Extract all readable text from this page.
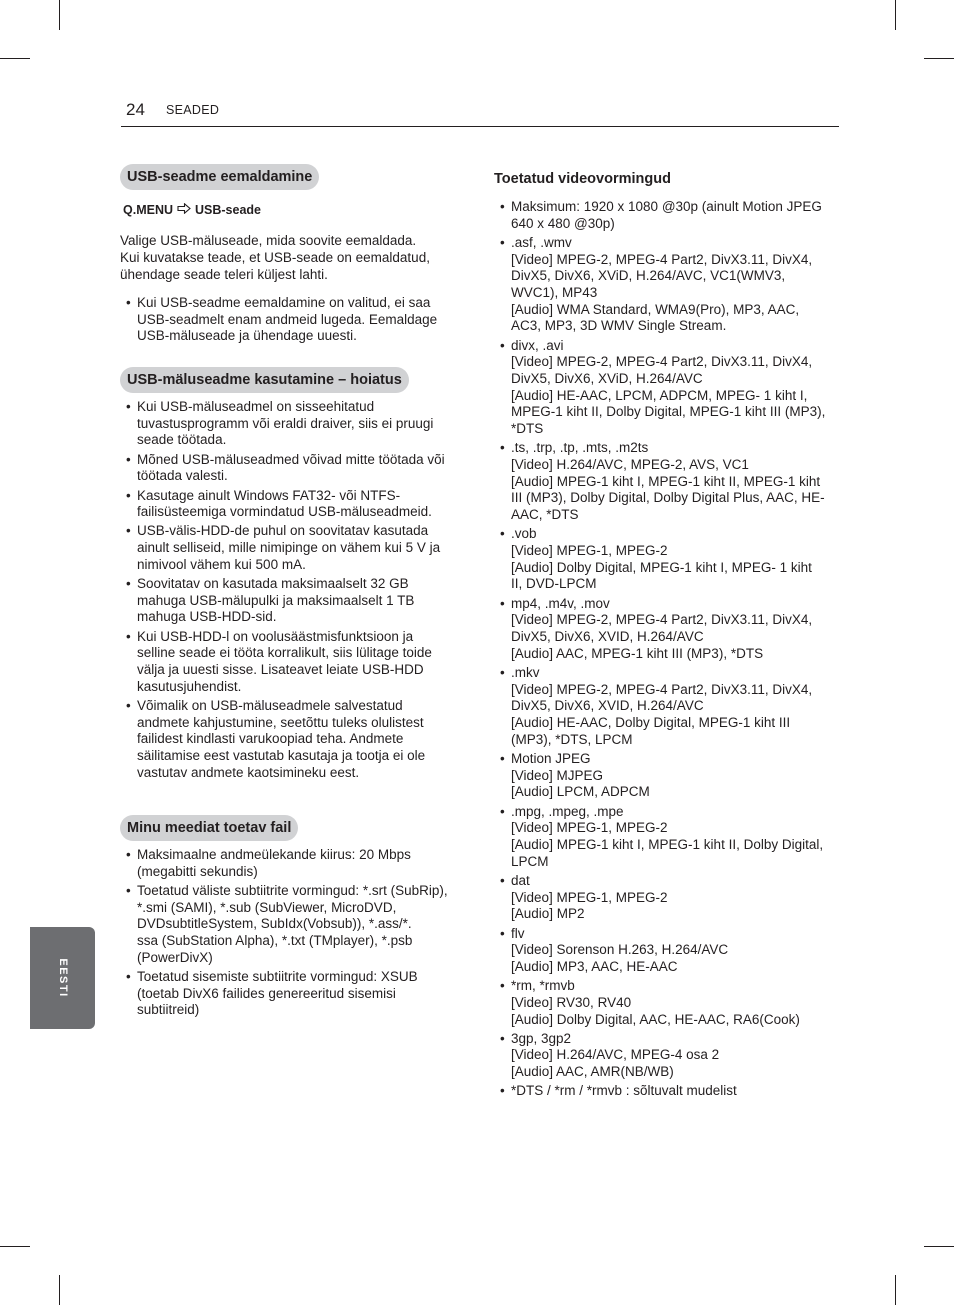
24 SEADED
EESTI
USB-seadme eemaldamine
Q.MENU USB-seade

Valige USB-mäluseade, mida soovite eemaldada.
Kui kuvatakse teade, et USB-seade on eemaldatud,
ühendage seade teleri küljest lahti.

• Kui USB-seadme eemaldamine on valitud, ei saa
USB-seadmelt enam andmeid lugeda. Eemaldage
USB-mäluseade ja ühendage uuesti.
USB-mäluseadme kasutamine – hoiatus
• Kui USB-mäluseadmel on sisseehitatud
tuvastusprogramm või eraldi draiver, siis ei pruugi
seade töötada.
• Mõned USB-mäluseadmed võivad mitte töötada või
töötada valesti.
• Kasutage ainult Windows FAT32- või NTFS-
failisüsteemiga vormindatud USB-mäluseadmeid.
• USB-välis-HDD-de puhul on soovitatav kasutada
ainult selliseid, mille nimipinge on vähem kui 5 V ja
nimivool vähem kui 500 mA.
• Soovitatav on kasutada maksimaalselt 32 GB
mahuga USB-mälupulki ja maksimaalselt 1 TB
mahuga USB-HDD-sid.
• Kui USB-HDD-l on voolusäästmisfunktsioon ja
selline seade ei tööta korralikult, siis lülitage toide
välja ja uuesti sisse. Lisateavet leiate USB-HDD
kasutusjuhendist.
• Võimalik on USB-mäluseadmele salvestatud
andmete kahjustumine, seetõttu tuleks olulistest
failidest kindlasti varukoopiad teha. Andmete
säilitamise eest vastutab kasutaja ja tootja ei ole
vastutav andmete kaotsimineku eest.
Minu meediat toetav fail
• Maksimaalne andmeülekande kiirus: 20 Mbps
(megabitti sekundis)
• Toetatud väliste subtiitrite vormingud: *.srt (SubRip),
*.smi (SAMI), *.sub (SubViewer, MicroDVD,
DVDsubtitleSystem, SubIdx(Vobsub)), *.ass/*.
ssa (SubStation Alpha), *.txt (TMplayer), *.psb
(PowerDivX)
• Toetatud sisemiste subtiitrite vormingud: XSUB
(toetab DivX6 failides genereeritud sisemisi
subtiitreid)
Toetatud videovormingud
• Maksimum: 1920 x 1080 @30p (ainult Motion JPEG
640 x 480 @30p)
• .asf, .wmv
[Video] MPEG-2, MPEG-4 Part2, DivX3.11, DivX4,
DivX5, DivX6, XViD, H.264/AVC, VC1(WMV3,
WVC1), MP43
[Audio] WMA Standard, WMA9(Pro), MP3, AAC,
AC3, MP3, 3D WMV Single Stream.
• divx, .avi
[Video] MPEG-2, MPEG-4 Part2, DivX3.11, DivX4,
DivX5, DivX6, XViD, H.264/AVC
[Audio] HE-AAC, LPCM, ADPCM, MPEG- 1 kiht I,
MPEG-1 kiht II, Dolby Digital, MPEG-1 kiht III (MP3),
*DTS
• .ts, .trp, .tp, .mts, .m2ts
[Video] H.264/AVC, MPEG-2, AVS, VC1
[Audio] MPEG-1 kiht I, MPEG-1 kiht II, MPEG-1 kiht
III (MP3), Dolby Digital, Dolby Digital Plus, AAC, HE-
AAC, *DTS
• .vob
[Video] MPEG-1, MPEG-2
[Audio] Dolby Digital, MPEG-1 kiht I, MPEG- 1 kiht
II, DVD-LPCM
• mp4, .m4v, .mov
[Video] MPEG-2, MPEG-4 Part2, DivX3.11, DivX4,
DivX5, DivX6, XVID, H.264/AVC
[Audio] AAC, MPEG-1 kiht III (MP3), *DTS
• .mkv
[Video] MPEG-2, MPEG-4 Part2, DivX3.11, DivX4,
DivX5, DivX6, XVID, H.264/AVC
[Audio] HE-AAC, Dolby Digital, MPEG-1 kiht III
(MP3), *DTS, LPCM
• Motion JPEG
[Video] MJPEG
[Audio] LPCM, ADPCM
• .mpg, .mpeg, .mpe
[Video] MPEG-1, MPEG-2
[Audio] MPEG-1 kiht I, MPEG-1 kiht II, Dolby Digital,
LPCM
• dat
[Video] MPEG-1, MPEG-2
[Audio] MP2
• flv
[Video] Sorenson H.263, H.264/AVC
[Audio] MP3, AAC, HE-AAC
• *rm, *rmvb
[Video] RV30, RV40
[Audio] Dolby Digital, AAC, HE-AAC, RA6(Cook)
• 3gp, 3gp2
[Video] H.264/AVC, MPEG-4 osa 2
[Audio] AAC, AMR(NB/WB)
• *DTS / *rm / *rmvb : sõltuvalt mudelist
